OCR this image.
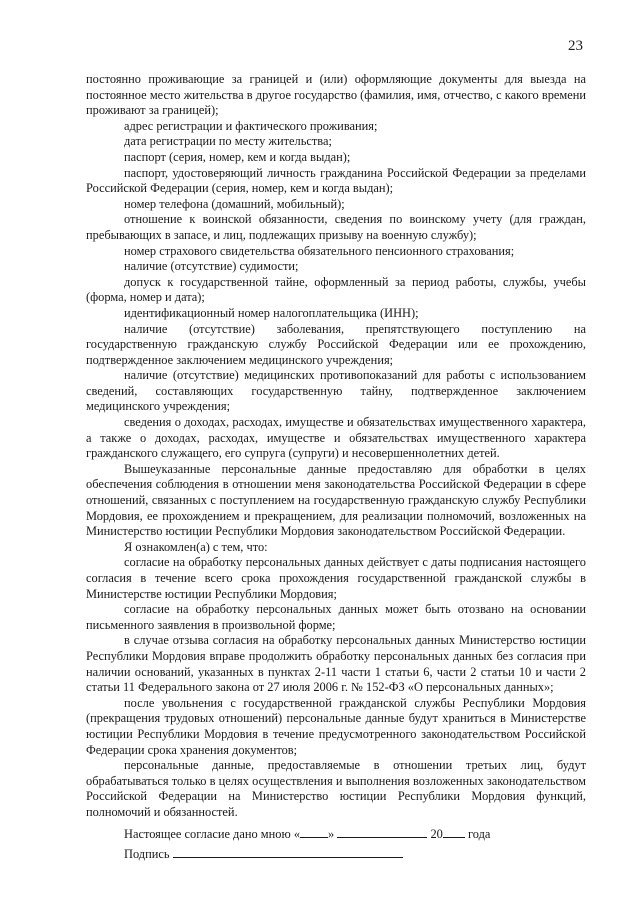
23

постоянно проживающие за границей и (или) оформляющие документы для выезда на постоянное место жительства в другое государство (фамилия, имя, отчество, с какого времени проживают за границей);

адрес регистрации и фактического проживания;

дата регистрации по месту жительства;

паспорт (серия, номер, кем и когда выдан);

паспорт, удостоверяющий личность гражданина Российской Федерации за пределами Российской Федерации (серия, номер, кем и когда выдан);

номер телефона (домашний, мобильный);

отношение к воинской обязанности, сведения по воинскому учету (для граждан, пребывающих в запасе, и лиц, подлежащих призыву на военную службу);

номер страхового свидетельства обязательного пенсионного страхования;

наличие (отсутствие) судимости;

допуск к государственной тайне, оформленный за период работы, службы, учебы (форма, номер и дата);

идентификационный номер налогоплательщика (ИНН);

наличие (отсутствие) заболевания, препятствующего поступлению на государственную гражданскую службу Российской Федерации или ее прохождению, подтвержденное заключением медицинского учреждения;

наличие (отсутствие) медицинских противопоказаний для работы с использованием сведений, составляющих государственную тайну, подтвержденное заключением медицинского учреждения;

сведения о доходах, расходах, имуществе и обязательствах имущественного характера, а также о доходах, расходах, имуществе и обязательствах имущественного характера гражданского служащего, его супруга (супруги) и несовершеннолетних детей.

Вышеуказанные персональные данные предоставляю для обработки в целях обеспечения соблюдения в отношении меня законодательства Российской Федерации в сфере отношений, связанных с поступлением на государственную гражданскую службу Республики Мордовия, ее прохождением и прекращением, для реализации полномочий, возложенных на Министерство юстиции Республики Мордовия законодательством Российской Федерации.

Я ознакомлен(а) с тем, что:

согласие на обработку персональных данных действует с даты подписания настоящего согласия в течение всего срока прохождения государственной гражданской службы в Министерстве юстиции Республики Мордовия;

согласие на обработку персональных данных может быть отозвано на основании письменного заявления в произвольной форме;

в случае отзыва согласия на обработку персональных данных Министерство юстиции Республики Мордовия вправе продолжить обработку персональных данных без согласия при наличии оснований, указанных в пунктах 2-11 части 1 статьи 6, части 2 статьи 10 и части 2 статьи 11 Федерального закона от 27 июля 2006 г. № 152-ФЗ «О персональных данных»;

после увольнения с государственной гражданской службы Республики Мордовия (прекращения трудовых отношений) персональные данные будут храниться в Министерстве юстиции Республики Мордовия в течение предусмотренного законодательством Российской Федерации срока хранения документов;

персональные данные, предоставляемые в отношении третьих лиц, будут обрабатываться только в целях осуществления и выполнения возложенных законодательством Российской Федерации на Министерство юстиции Республики Мордовия функций, полномочий и обязанностей.

Настоящее согласие дано мною « »	20 года
Подпись
